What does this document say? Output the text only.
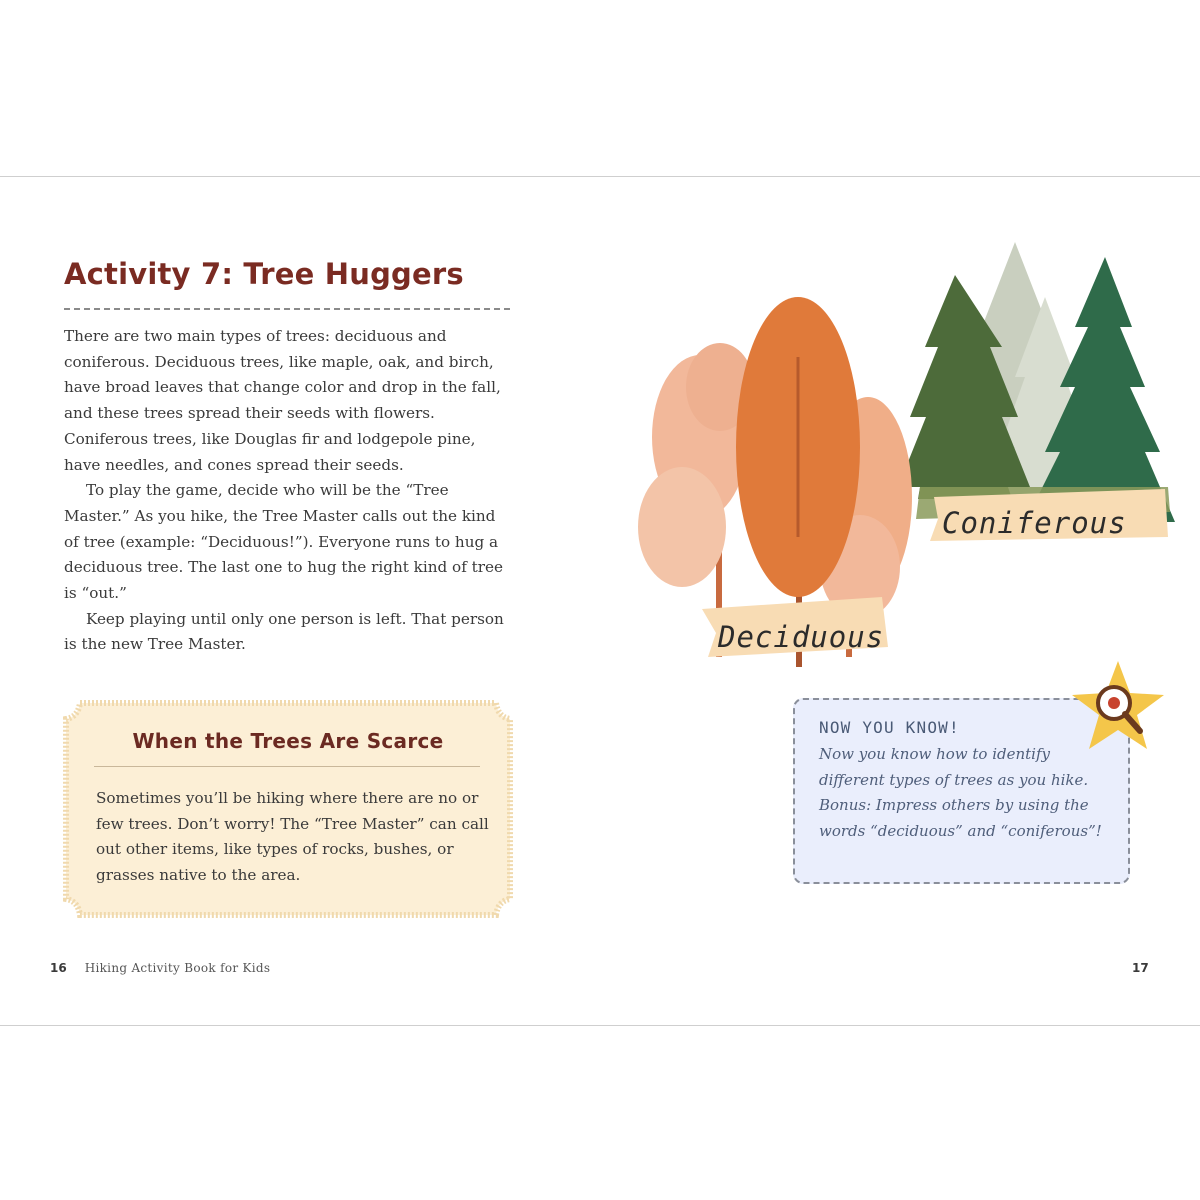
Activity 7: Tree Huggers

There are two main types of trees: deciduous and coniferous. Deciduous trees, like maple, oak, and birch, have broad leaves that change color and drop in the fall, and these trees spread their seeds with flowers. Coniferous trees, like Douglas fir and lodgepole pine, have needles, and cones spread their seeds.

To play the game, decide who will be the “Tree Master.” As you hike, the Tree Master calls out the kind of tree (example: “Deciduous!”). Everyone runs to hug a deciduous tree. The last one to hug the right kind of tree is “out.”

Keep playing until only one person is left. That person is the new Tree Master.

When the Trees Are Scarce
Sometimes you’ll be hiking where there are no or few trees. Don’t worry! The “Tree Master” can call out other items, like types of rocks, bushes, or grasses native to the area.
16 Hiking Activity Book for Kids
Coniferous
Deciduous
NOW YOU KNOW!
Now you know how to identify different types of trees as you hike. Bonus: Impress others by using the words “deciduous” and “coniferous”!
17
